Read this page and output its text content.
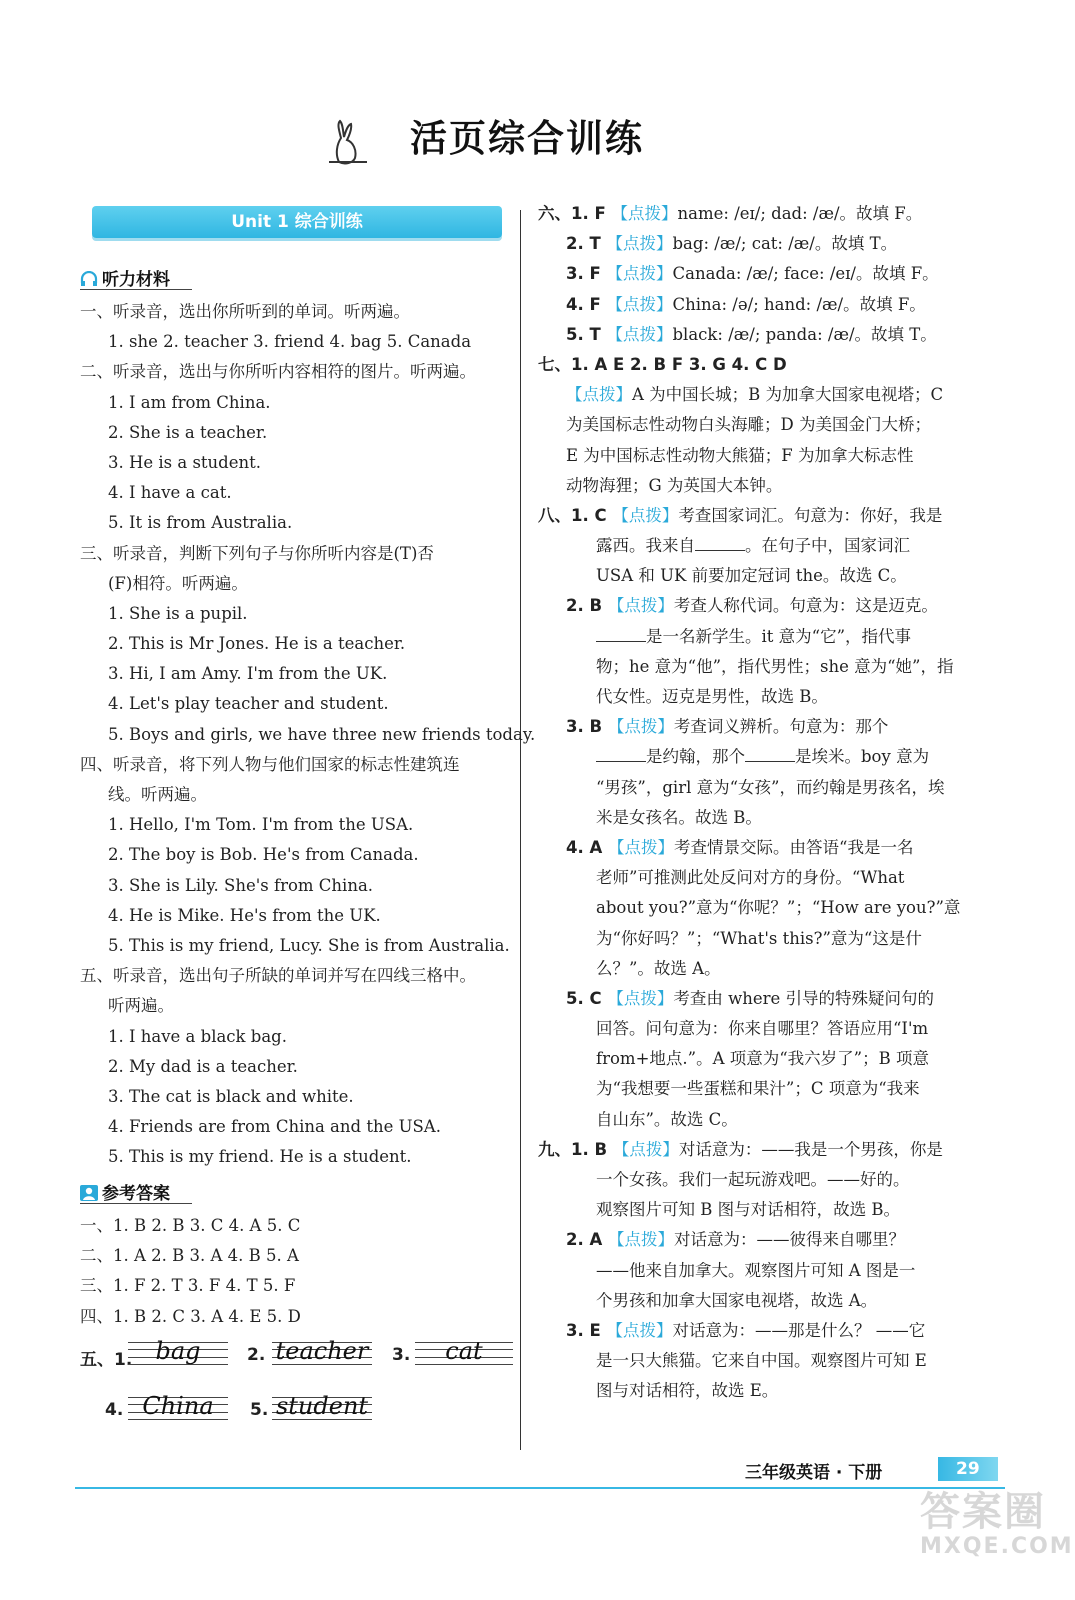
活页综合训练
Unit 1 综合训练
听力材料
一、听录音，选出你所听到的单词。听两遍。
1. she 2. teacher 3. friend 4. bag 5. Canada
二、听录音，选出与你所听内容相符的图片。听两遍。
1. I am from China.
2. She is a teacher.
3. He is a student.
4. I have a cat.
5. It is from Australia.
三、听录音，判断下列句子与你所听内容是(T)否
(F)相符。听两遍。
1. She is a pupil.
2. This is Mr Jones. He is a teacher.
3. Hi, I am Amy. I'm from the UK.
4. Let's play teacher and student.
5. Boys and girls, we have three new friends today.
四、听录音，将下列人物与他们国家的标志性建筑连
线。听两遍。
1. Hello, I'm Tom. I'm from the USA.
2. The boy is Bob. He's from Canada.
3. She is Lily. She's from China.
4. He is Mike. He's from the UK.
5. This is my friend, Lucy. She is from Australia.
五、听录音，选出句子所缺的单词并写在四线三格中。
听两遍。
1. I have a black bag.
2. My dad is a teacher.
3. The cat is black and white.
4. Friends are from China and the USA.
5. This is my friend. He is a student.
参考答案
一、1. B 2. B 3. C 4. A 5. C
二、1. A 2. B 3. A 4. B 5. A
三、1. F 2. T 3. F 4. T 5. F
四、1. B 2. C 3. A 4. E 5. D
五、1. bag	2. teacher 3.	cat
4. China	5. student
六、1. F 【点拨】name: /eɪ/; dad: /æ/。故填 F。
2. T 【点拨】bag: /æ/; cat: /æ/。故填 T。
3. F 【点拨】Canada: /æ/; face: /eɪ/。故填 F。
4. F 【点拨】China: /ə/; hand: /æ/。故填 F。
5. T 【点拨】black: /æ/; panda: /æ/。故填 T。
七、1. A E 2. B F 3. G 4. C D
【点拨】A 为中国长城；B 为加拿大国家电视塔；C
为美国标志性动物白头海雕；D 为美国金门大桥；
E 为中国标志性动物大熊猫；F 为加拿大标志性
动物海狸；G 为英国大本钟。
八、1. C 【点拨】考查国家词汇。句意为：你好，我是
露西。我来自	。在句子中，国家词汇
USA 和 UK 前要加定冠词 the。故选 C。
2. B 【点拨】考查人称代词。句意为：这是迈克。
是一名新学生。it 意为“它”，指代事
物；he 意为“他”，指代男性；she 意为“她”，指
代女性。迈克是男性，故选 B。
3. B 【点拨】考查词义辨析。句意为：那个
是约翰，那个	是埃米。boy 意为
“男孩”，girl 意为“女孩”，而约翰是男孩名，埃
米是女孩名。故选 B。
4. A 【点拨】考查情景交际。由答语“我是一名
老师”可推测此处反问对方的身份。“What
about you?”意为“你呢？”；“How are you?”意
为“你好吗？”；“What's this?”意为“这是什
么？”。故选 A。
5. C 【点拨】考查由 where 引导的特殊疑问句的
回答。问句意为：你来自哪里？答语应用“I'm
from+地点.”。A 项意为“我六岁了”；B 项意
为“我想要一些蛋糕和果汁”；C 项意为“我来
自山东”。故选 C。
九、1. B 【点拨】对话意为：——我是一个男孩，你是
一个女孩。我们一起玩游戏吧。——好的。
观察图片可知 B 图与对话相符，故选 B。
2. A 【点拨】对话意为：——彼得来自哪里？
——他来自加拿大。观察图片可知 A 图是一
个男孩和加拿大国家电视塔，故选 A。
3. E 【点拨】对话意为：——那是什么？ ——它
是一只大熊猫。它来自中国。观察图片可知 E
图与对话相符，故选 E。
三年级英语 · 下册	29
答案圈
MXQE.COM
